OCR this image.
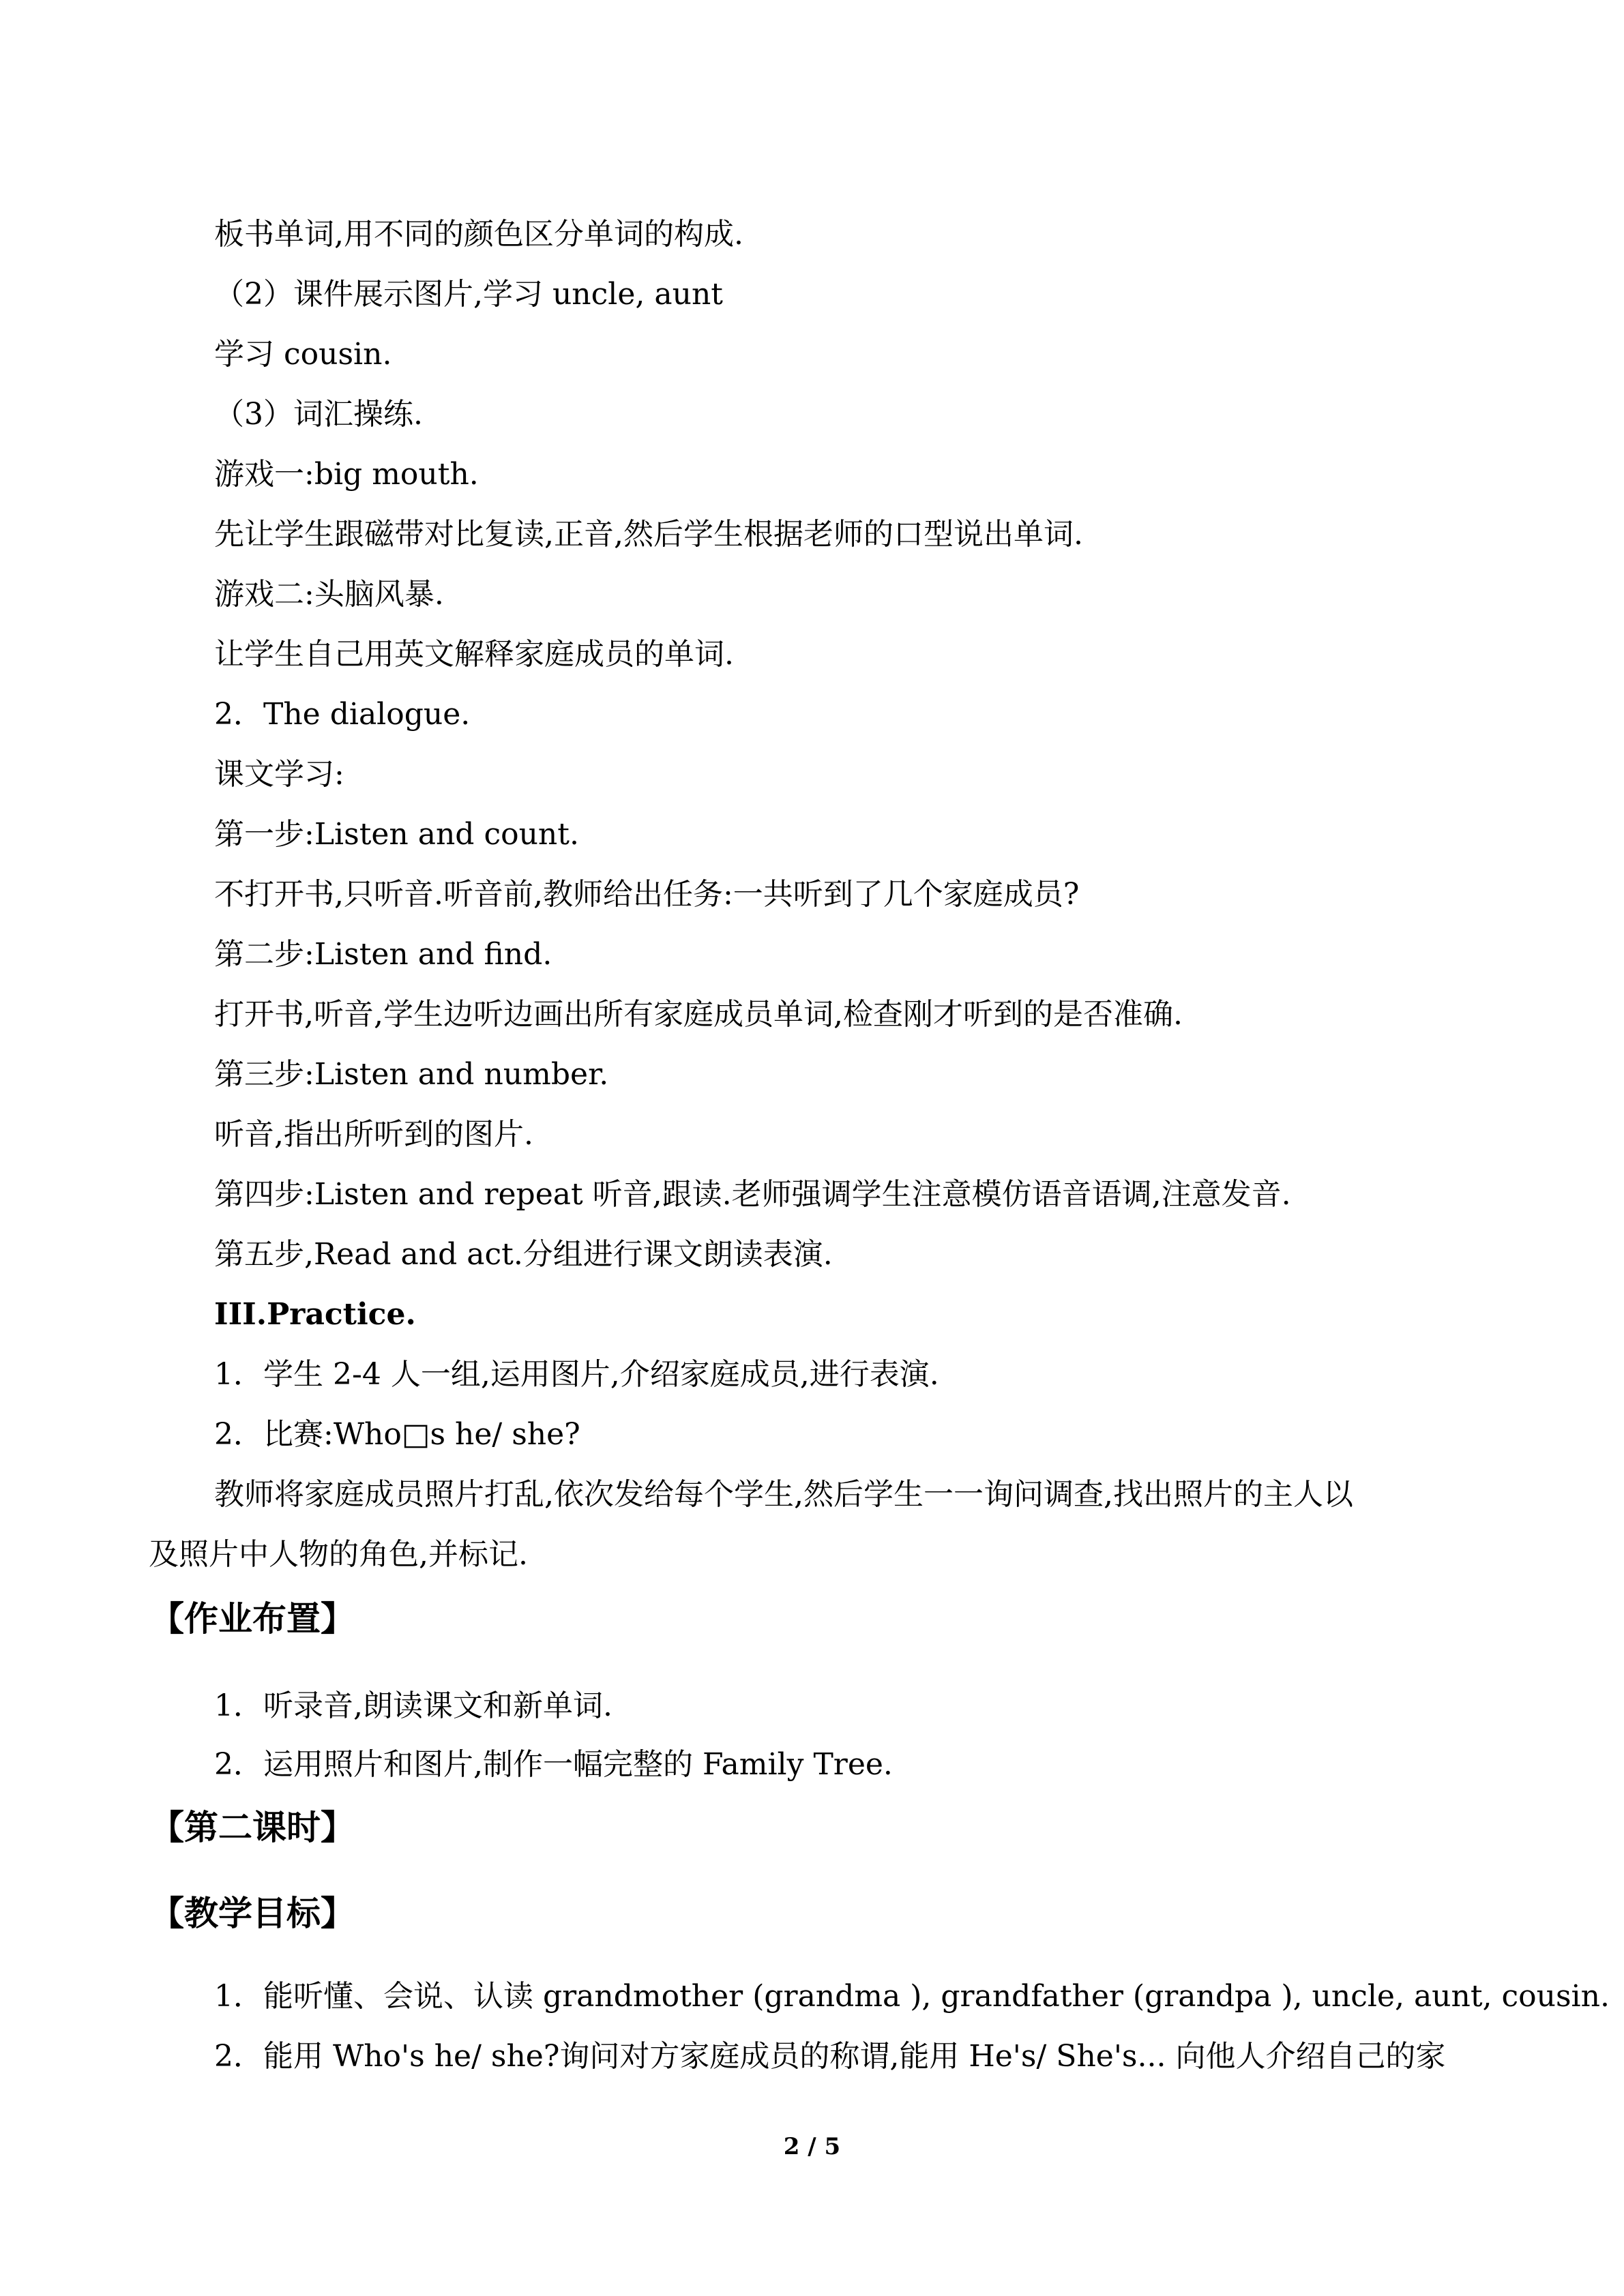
板书单词,用不同的颜色区分单词的构成.
（2）课件展示图片,学习 uncle, aunt
学习 cousin.
（3）词汇操练.
游戏一:big mouth.
先让学生跟磁带对比复读,正音,然后学生根据老师的口型说出单词.
游戏二:头脑风暴.
让学生自己用英文解释家庭成员的单词.
2．The dialogue.
课文学习:
第一步:Listen and count.
不打开书,只听音.听音前,教师给出任务:一共听到了几个家庭成员?
第二步:Listen and find.
打开书,听音,学生边听边画出所有家庭成员单词,检查刚才听到的是否准确.
第三步:Listen and number.
听音,指出所听到的图片.
第四步:Listen and repeat 听音,跟读.老师强调学生注意模仿语音语调,注意发音.
第五步,Read and act.分组进行课文朗读表演.
III.Practice.
1．学生 2-4 人一组,运用图片,介绍家庭成员,进行表演.
2．比赛:Who□s he/ she?
教师将家庭成员照片打乱,依次发给每个学生,然后学生一一询问调查,找出照片的主人以
及照片中人物的角色,并标记.
【作业布置】
1．听录音,朗读课文和新单词.
2．运用照片和图片,制作一幅完整的 Family Tree.
【第二课时】
【教学目标】
1．能听懂、会说、认读 grandmother (grandma ), grandfather (grandpa ), uncle, aunt, cousin.
2．能用 Who's he/ she?询问对方家庭成员的称谓,能用 He's/ She's... 向他人介绍自己的家
2 / 5
